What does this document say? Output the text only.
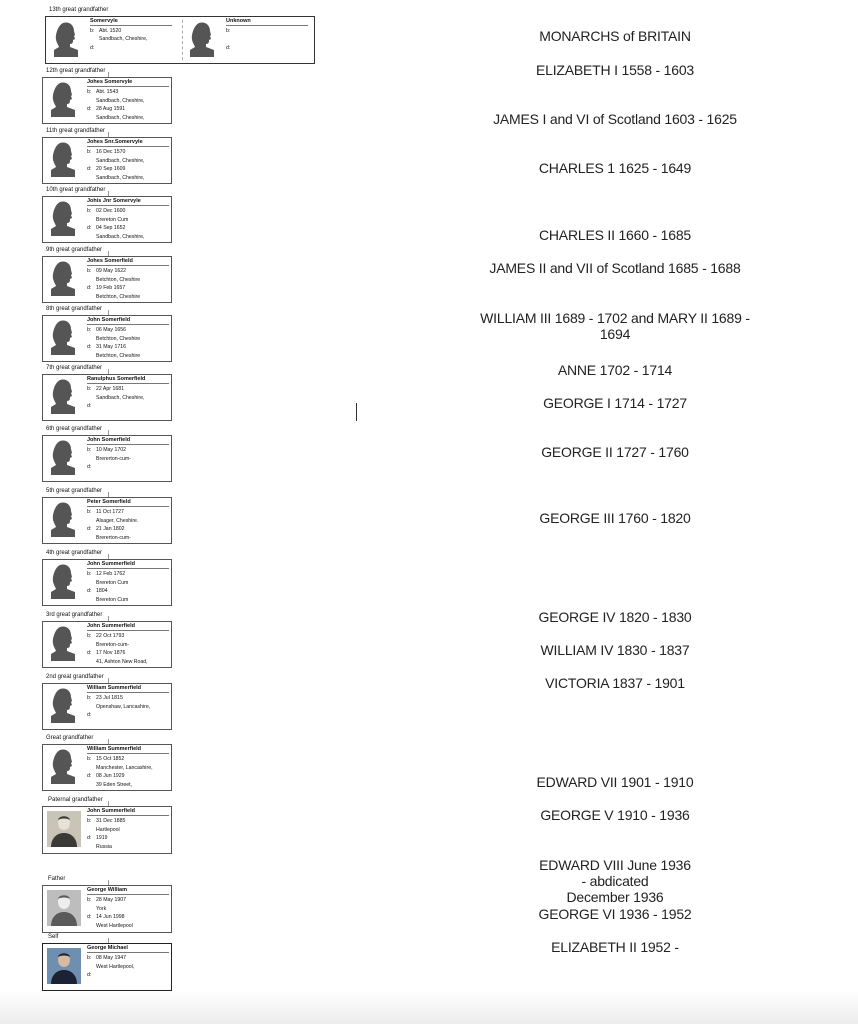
13th great grandfather
Somervyle
b: Abt. 1520
Sandbach, Cheshire,
d:
Unknown
b:
d:
12th great grandfather
Johes Somervyle
b: Abt. 1543
Sandbach, Cheshire,
d: 28 Aug 1591
Sandbach, Cheshire,
11th great grandfather
Johes Snr.Somervyle
b: 16 Dec 1570
Sandbach, Cheshire,
d: 20 Sep 1609
Sandbach, Cheshire,
10th great grandfather
Johis Jnr Somervyle
b: 02 Dec 1600
Brereton Cum
d: 04 Sep 1652
Sandbach, Cheshire,
9th great grandfather
Johes Somerfield
b: 09 May 1622
Betchton, Cheshire
d: 19 Feb 1657
Betchton, Cheshire
8th great grandfather
John Somerfield
b: 06 May 1656
Betchton, Cheshire
d: 31 May 1716
Betchton, Cheshire
7th great grandfather
Ranulphus Somerfield
b: 22 Apr 1681
Sandbach, Cheshire,
d:
6th great grandfather
John Somerfield
b: 10 May 1702
Brererton-cum-
d:
5th great grandfather
Peter Somerfield
b: 11 Oct 1727
Alsager, Cheshire.
d: 21 Jan 1802
Brererton-cum-
4th great grandfather
John Summerfield
b: 12 Feb 1762
Brereton Cum
d: 1804
Brereton Cum
3rd great grandfather
John Summerfield
b: 22 Oct 1793
Brereton-cum-
d: 17 Nov 1876
41, Ashton New Road,
2nd great grandfather
William Summerfield
b: 23 Jul 1815
Openshaw, Lancashire,
d:
Great grandfather
William Summerfield
b: 15 Oct 1852
Manchester, Lancashire,
d: 08 Jun 1929
39 Eden Street,
Paternal grandfather
John Summerfield
b: 31 Dec 1885
Hartlepool
d: 1919
Russia
Father
George William
b: 28 May 1907
York
d: 14 Jun 1998
West Hartlepool
Self
George Michael
b: 08 May 1947
West Hartlepool,
d:
MONARCHS of BRITAIN
ELIZABETH I 1558 - 1603
JAMES I and VI of Scotland 1603 - 1625
CHARLES 1 1625 - 1649
CHARLES II 1660 - 1685
JAMES II and VII of Scotland 1685 - 1688
WILLIAM III 1689 - 1702 and MARY II 1689 -
1694
ANNE 1702 - 1714
GEORGE I 1714 - 1727
GEORGE II 1727 - 1760
GEORGE III 1760 - 1820
GEORGE IV 1820 - 1830
WILLIAM IV 1830 - 1837
VICTORIA 1837 - 1901
EDWARD VII 1901 - 1910
GEORGE V 1910 - 1936
EDWARD VIII June 1936
- abdicated
December 1936
GEORGE VI 1936 - 1952
ELIZABETH II 1952 -
